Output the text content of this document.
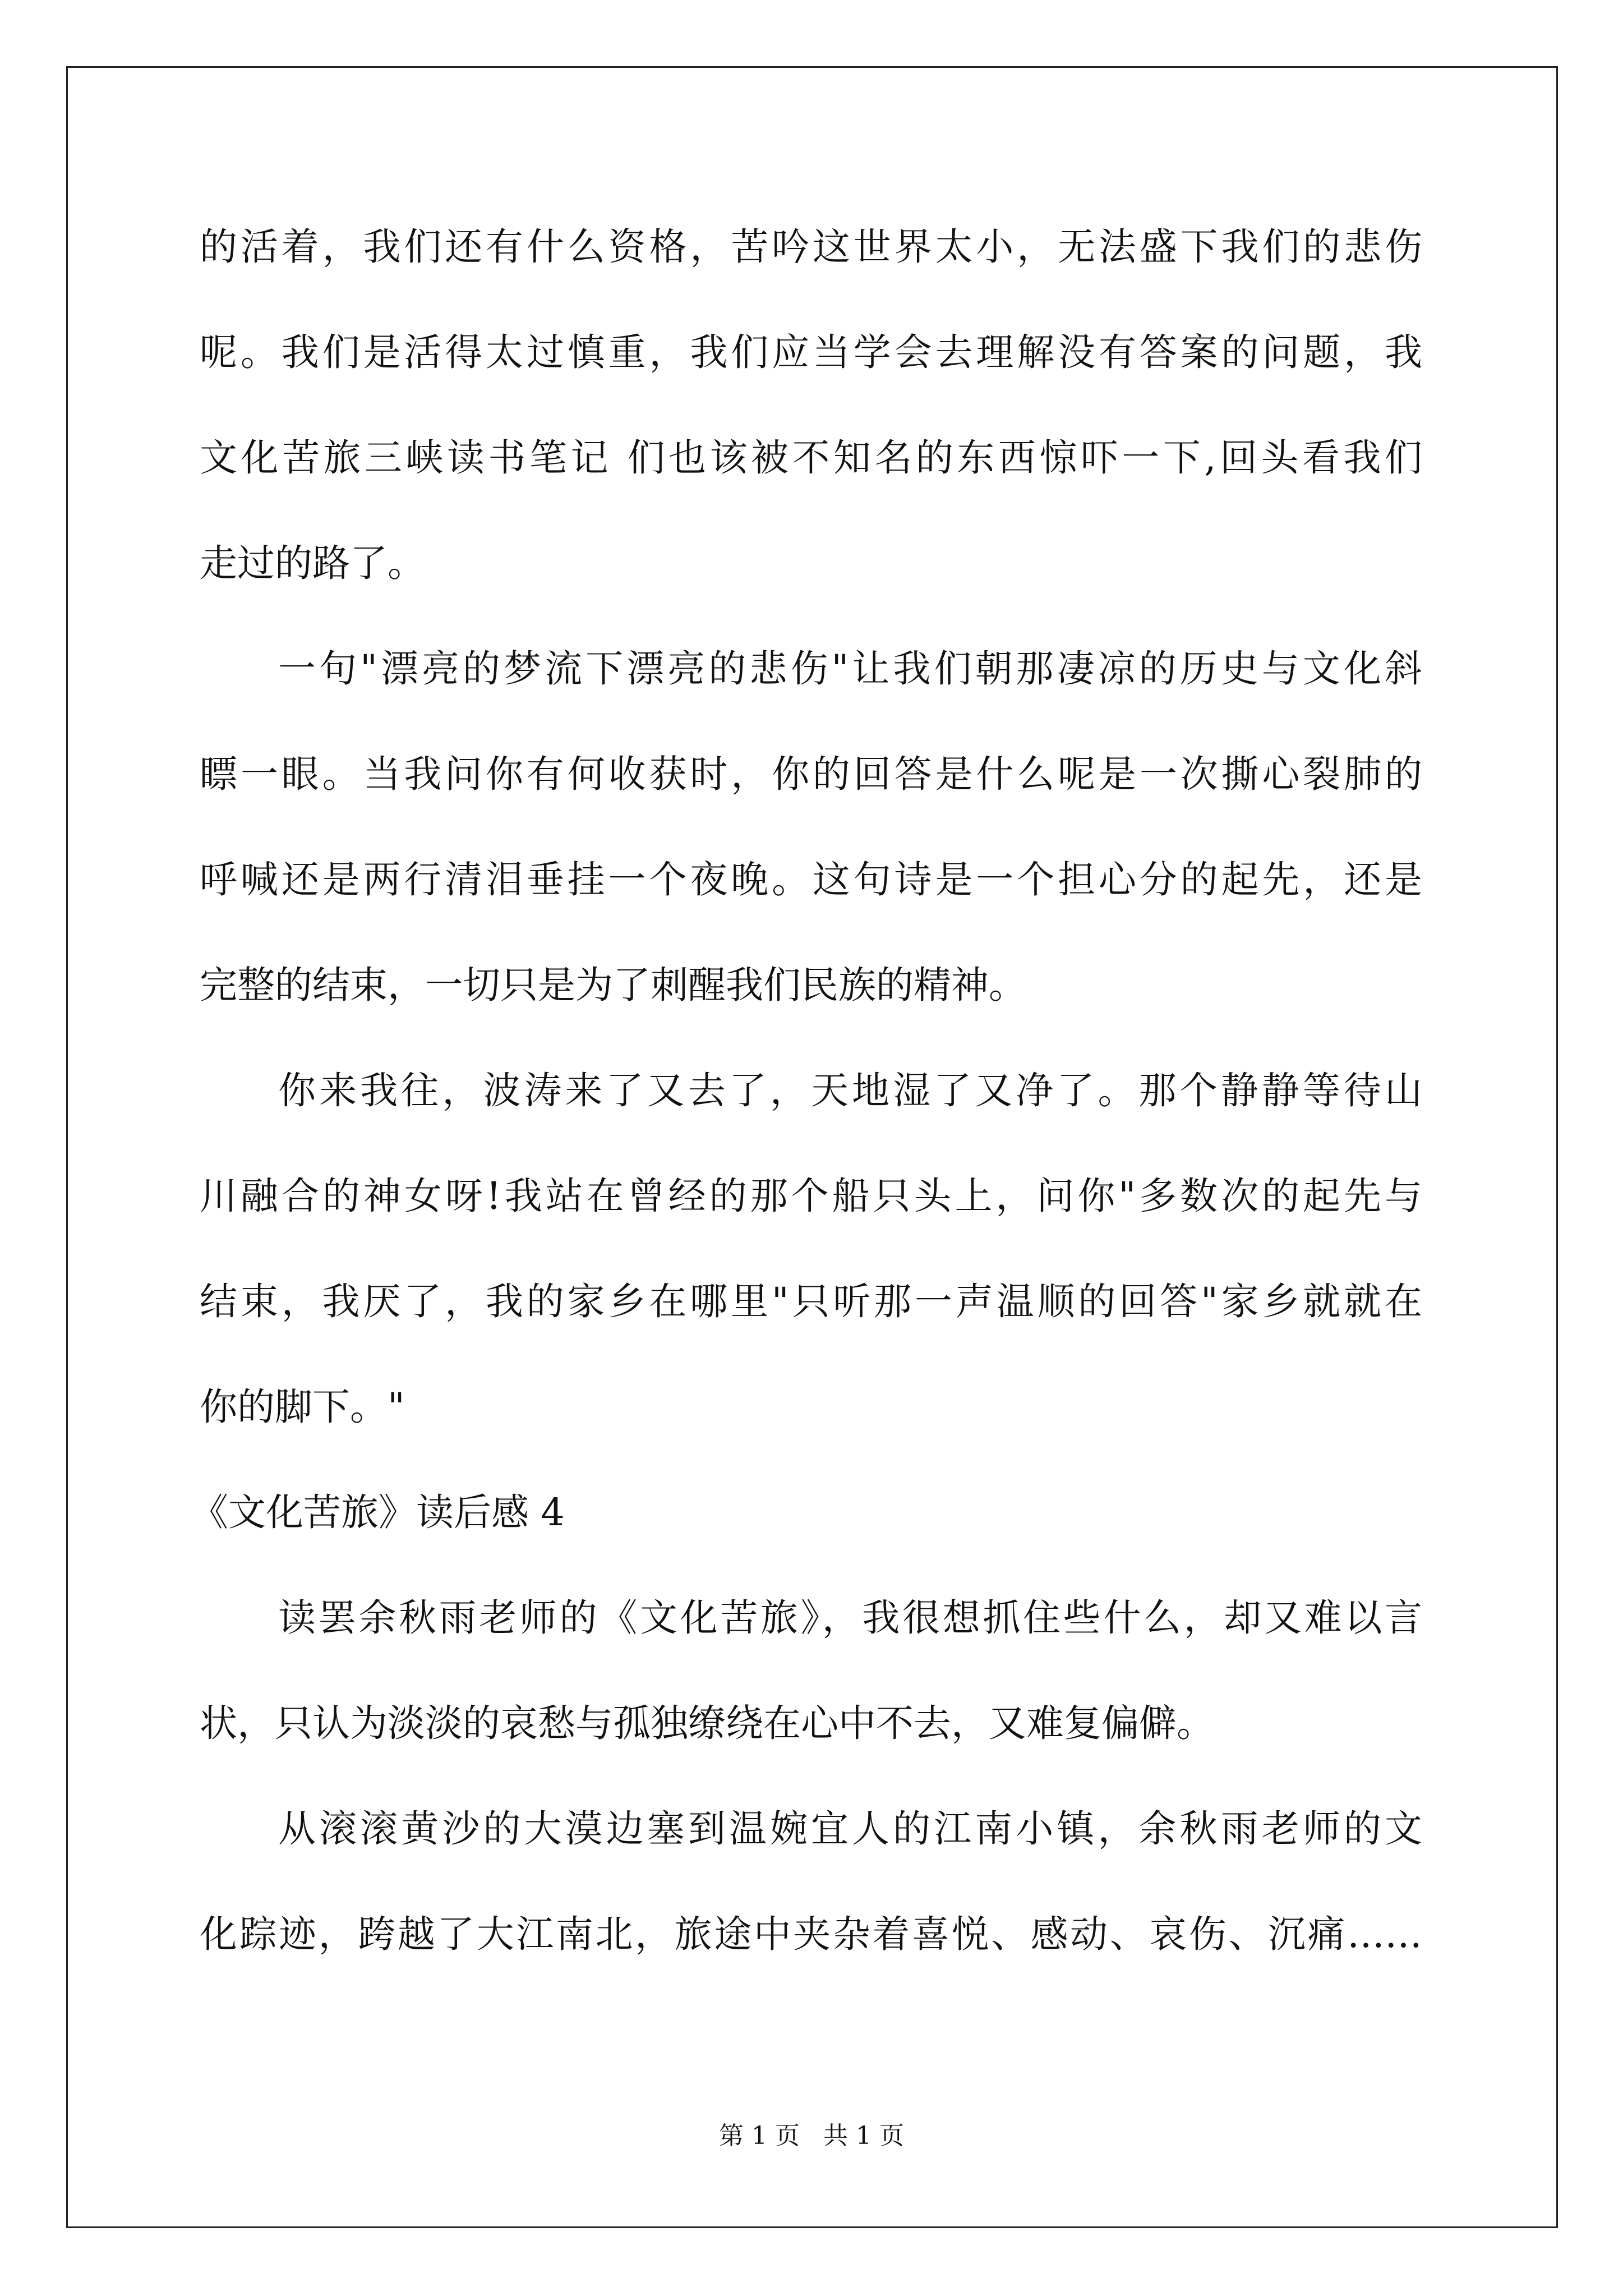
的活着，我们还有什么资格，苦吟这世界太小，无法盛下我们的悲伤
呢。我们是活得太过慎重，我们应当学会去理解没有答案的问题，我
文化苦旅三峡读书笔记 们也该被不知名的东西惊吓一下,回头看我们
走过的路了。
一句"漂亮的梦流下漂亮的悲伤"让我们朝那凄凉的历史与文化斜
瞟一眼。当我问你有何收获时，你的回答是什么呢是一次撕心裂肺的
呼喊还是两行清泪垂挂一个夜晚。这句诗是一个担心分的起先，还是
完整的结束，一切只是为了刺醒我们民族的精神。
你来我往，波涛来了又去了，天地湿了又净了。那个静静等待山
川融合的神女呀!我站在曾经的那个船只头上，问你"多数次的起先与
结束，我厌了，我的家乡在哪里"只听那一声温顺的回答"家乡就就在
你的脚下。"
《文化苦旅》读后感 4
读罢余秋雨老师的《文化苦旅》，我很想抓住些什么，却又难以言
状，只认为淡淡的哀愁与孤独缭绕在心中不去，又难复偏僻。
从滚滚黄沙的大漠边塞到温婉宜人的江南小镇，余秋雨老师的文
化踪迹，跨越了大江南北，旅途中夹杂着喜悦、感动、哀伤、沉痛……
第 1 页   共 1 页
